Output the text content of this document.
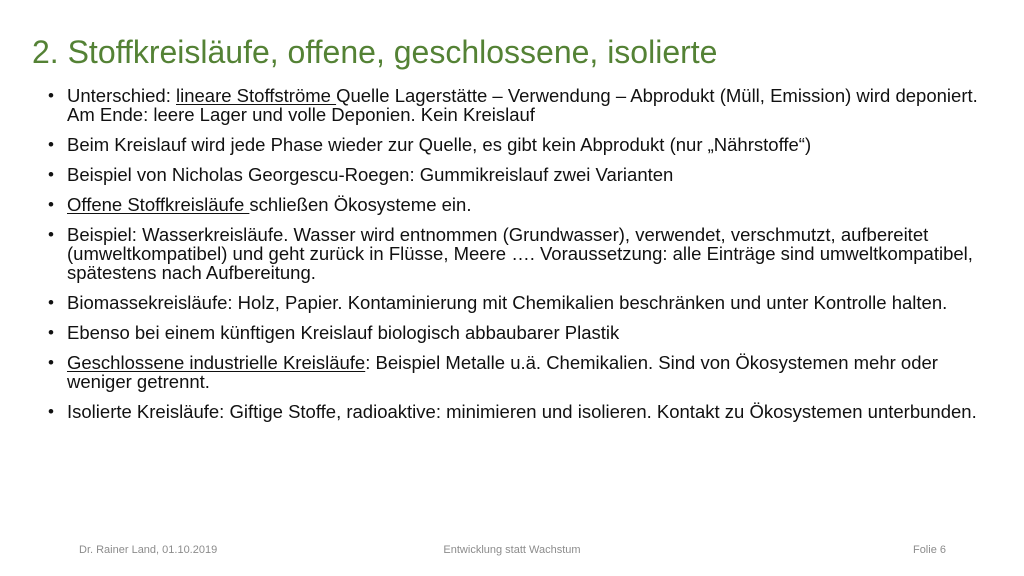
2. Stoffkreisläufe, offene, geschlossene, isolierte
• Unterschied: lineare Stoffströme Quelle Lagerstätte – Verwendung – Abprodukt (Müll, Emission) wird deponiert. Am Ende: leere Lager und volle Deponien. Kein Kreislauf
• Beim Kreislauf wird jede Phase wieder zur Quelle, es gibt kein Abprodukt (nur „Nährstoffe“)
• Beispiel von Nicholas Georgescu-Roegen: Gummikreislauf zwei Varianten
• Offene Stoffkreisläufe schließen Ökosysteme ein.
• Beispiel: Wasserkreisläufe. Wasser wird entnommen (Grundwasser), verwendet, verschmutzt, aufbereitet (umweltkompatibel) und geht zurück in Flüsse, Meere …. Voraussetzung: alle Einträge sind umweltkompatibel, spätestens nach Aufbereitung.
• Biomassekreisläufe: Holz, Papier. Kontaminierung mit Chemikalien beschränken und unter Kontrolle halten.
• Ebenso bei einem künftigen Kreislauf biologisch abbaubarer Plastik
• Geschlossene industrielle Kreisläufe: Beispiel Metalle u.ä. Chemikalien. Sind von Ökosystemen mehr oder weniger getrennt.
• Isolierte Kreisläufe: Giftige Stoffe, radioaktive: minimieren und isolieren. Kontakt zu Ökosystemen unterbunden.
Dr. Rainer Land, 01.10.2019	Entwicklung statt Wachstum	Folie 6
